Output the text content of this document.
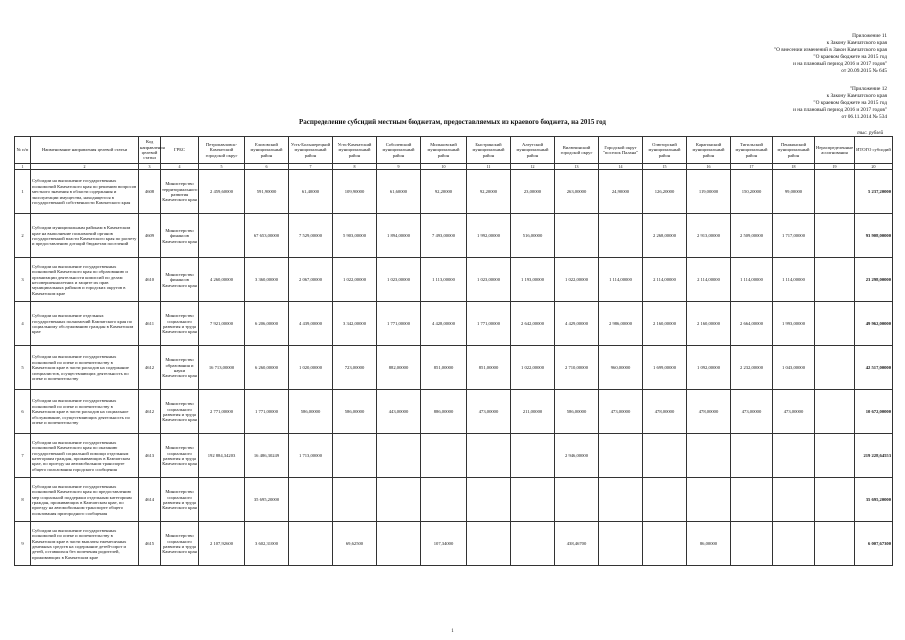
Приложение 11
к Закону Камчатского края
"О внесении изменений в Закон Камчатского края
"О краевом бюджете на 2015 год
и на плановый период 2016 и 2017 годов"
от 20.09.2015 № 645
"Приложение 12
к Закону Камчатского края
"О краевом бюджете на 2015 год
и на плановый период 2016 и 2017 годов"
от 06.11.2014 № 534
Распределение субсидий местным бюджетам, предоставляемых из краевого бюджета, на 2015 год
тыс. рублей
№ п/п	Наименование направления целевой статьи	Код направления целевой статьи	ГРБС	Петропавловск-Камчатский городской округ	Елизовский муниципальный район	Усть-Большерецкий муниципальный район	Усть-Камчатский муниципальный район	Соболевский муниципальный район	Мильковский муниципальный район	Быстринский муниципальный район	Алеутский муниципальный район	Вилючинский городской округ	Городской округ "поселок Палана"	Олюторский муниципальный район	Карагинский муниципальный район	Тигильский муниципальный район	Пенжинский муниципальный район	Нераспределенные ассигнования	ИТОГО субсидий
1	2	3	4	5	6	7	8	9	10	11	12	13	14	15	16	17	18	19	20
1	Субсидии на выполнение государственных полномочий Камчатского края по решению вопросов местного значения в области содержания и эксплуатации имущества, находящегося в государственной собственности Камчатского края	4608	Министерство территориального развития Камчатского края	2 459,60000	591,90000	61,40000	109,90000	61,60000	92,20000	92,20000	23,00000	263,00000	24,90000	126,20000	119,00000	150,20000	99,00000		5 237,20000
2	Субсидии муниципальным районам в Камчатском крае на выполнение полномочий органов государственной власти Камчатского края по расчету и предоставлению дотаций бюджетам поселений	4609	Министерство финансов Камчатского края		67 653,00000	7 529,00000	5 903,00000	1 894,00000	7 493,00000	1 992,00000	516,00000			2 268,00000	2 913,00000	2 509,00000	1 717,00000		93 908,00000
3	Субсидии на выполнение государственных полномочий Камчатского края по образованию и организации деятельности комиссий по делам несовершеннолетних и защите их прав муниципальных районов и городских округов в Камчатском крае	4610	Министерство финансов Камчатского края	4 260,00000	3 360,00000	2 067,00000	1 022,00000	1 023,00000	1 113,00000	1 023,00000	1 193,00000	1 022,00000	1 114,00000	2 114,00000	2 114,00000	1 114,00000	1 114,00000		23 298,00000
4	Субсидии на выполнение отдельных государственных полномочий Камчатского края по социальному обслуживанию граждан в Камчатском крае	4611	Министерство социального развития и труда Камчатского края	7 921,00000	6 206,00000	4 439,00000	3 342,00000	1 771,00000	4 428,00000	1 771,00000	2 642,00000	4 429,00000	2 986,00000	2 160,00000	2 160,00000	2 664,00000	1 993,00000		49 962,00000
5	Субсидии на выполнение государственных полномочий по опеке и попечительству в Камчатском крае в части расходов на содержание специалистов, осуществляющих деятельность по опеке и попечительству	4612	Министерство образования и науки Камчатского края	16 713,00000	6 260,00000	1 020,00000	723,00000	882,00000	851,00000	851,00000	1 022,00000	2 710,00000	960,00000	1 699,00000	1 092,00000	2 232,00000	1 043,00000		42 517,00000
6	Субсидии на выполнение государственных полномочий по опеке и попечительству в Камчатском крае в части расходов на социальное обслуживание, осуществляющих деятельность по опеке и попечительству	4612	Министерство социального развития и труда Камчатского края	2 771,00000	1 771,00000	586,00000	586,00000	443,00000	886,00000	473,00000	211,00000	586,00000	473,00000	478,00000	478,00000	473,00000	473,00000		10 672,00000
7	Субсидии на выполнение государственных полномочий Камчатского края по оказанию государственной социальной помощи отдельным категориям граждан, проживающих в Камчатском крае, по проезду на автомобильном транспорте общего пользования городского сообщения	4613	Министерство социального развития и труда Камчатского края	192 884,34203	16 486,30249	1 713,00000						2 946,00000							219 228,64553
8	Субсидии на выполнение государственных полномочий Камчатского края по предоставлению мер социальной поддержки отдельным категориям граждан, проживающих в Камчатском крае, по проезду на автомобильном транспорте общего пользования пригородного сообщения	4614	Министерство социального развития и труда Камчатского края		35 695,20000														35 695,20000
9	Субсидии на выполнение государственных полномочий по опеке и попечительству в Камчатском крае в части выплаты ежемесячных денежных средств на содержание детей-сирот и детей, оставшихся без попечения родителей, проживающих в Камчатском крае	4615	Министерство социального развития и труда Камчатского края	2 107,92600	3 602,31000		69,62500		107,34000			438,46700			86,00000				6 007,67300
1
